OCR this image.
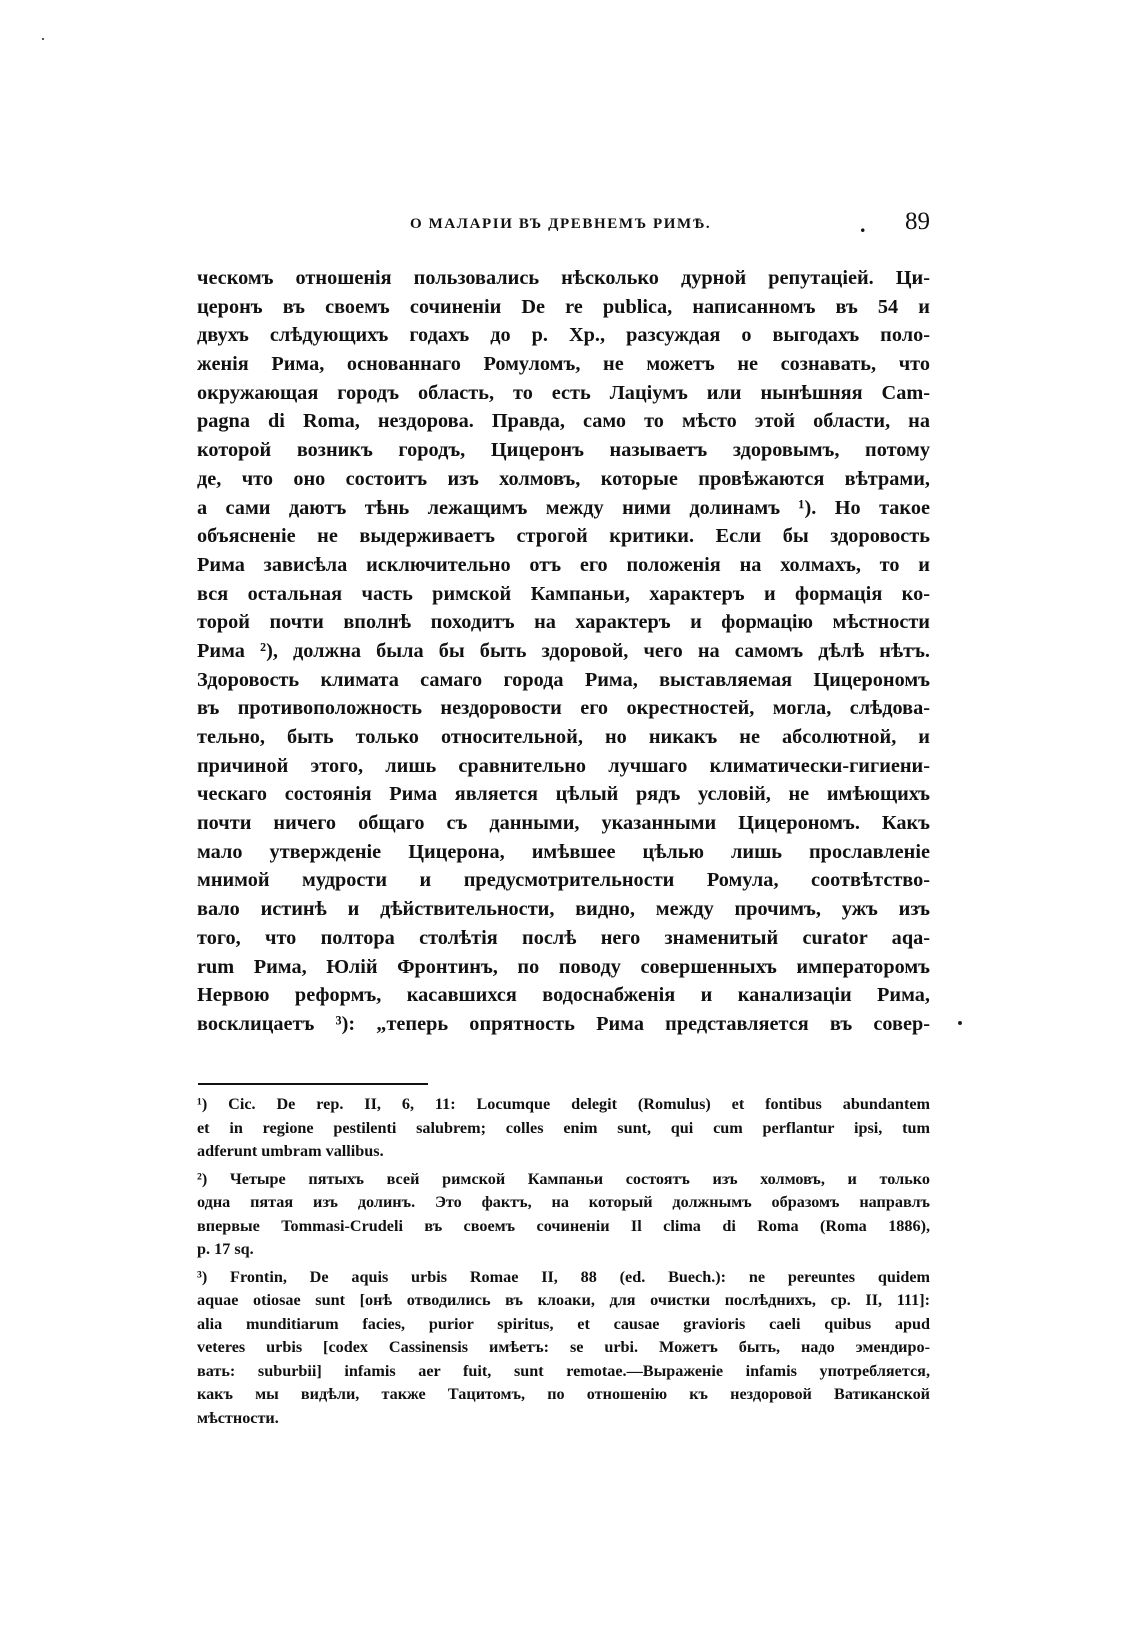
О МАЛАРІИ ВЪ ДРЕВНЕМЪ РИМѢ.	. 89
ческомъ отношенія пользовались нѣсколько дурной репутаціей. Ци-
церонъ въ своемъ сочиненіи De re publica, написанномъ въ 54 и
двухъ слѣдующихъ годахъ до р. Хр., разсуждая о выгодахъ поло-
женія Рима, основаннаго Ромуломъ, не можетъ не сознавать, что
окружающая городъ область, то есть Лаціумъ или нынѣшняя Сam-
pagna di Roma, нездорова. Правда, само то мѣсто этой области, на
которой возникъ городъ, Цицеронъ называетъ здоровымъ, потому
де, что оно состоитъ изъ холмовъ, которые провѣжаются вѣтрами,
а сами даютъ тѣнь лежащимъ между ними долинамъ ¹). Но такое
объясненіе не выдерживаетъ строгой критики. Если бы здоровость
Рима зависѣла исключительно отъ его положенія на холмахъ, то и
вся остальная часть римской Кампаньи, характеръ и формація ко-
торой почти вполнѣ походитъ на характеръ и формацію мѣстности
Рима ²), должна была бы быть здоровой, чего на самомъ дѣлѣ нѣтъ.
Здоровость климата самаго города Рима, выставляемая Цицерономъ
въ противоположность нездоровости его окрестностей, могла, слѣдова-
тельно, быть только относительной, но никакъ не абсолютной, и
причиной этого, лишь сравнительно лучшаго климатически-гигиени-
ческаго состоянія Рима является цѣлый рядъ условій, не имѣющихъ
почти ничего общаго съ данными, указанными Цицерономъ. Какъ
мало утвержденіе Цицерона, имѣвшее цѣлью лишь прославленіе
мнимой мудрости и предусмотрительности Ромула, соотвѣтство-
вало истинѣ и дѣйствительности, видно, между прочимъ, ужъ изъ
того, что полтора столѣтія послѣ него знаменитый curator aqa-
rum Рима, Юлій Фронтинъ, по поводу совершенныхъ императоромъ
Нервою реформъ, касавшихся водоснабженія и канализаціи Рима,
восклицаетъ ³): „теперь опрятность Рима представляется въ совер-
¹) Cic. De rep. II, 6, 11: Locumque delegit (Romulus) et fontibus abundantem
et in regione pestilenti salubrem; colles enim sunt, qui cum perflantur ipsi, tum
adferunt umbram vallibus.
²) Четыре пятыхъ всей римской Кампаньи состоятъ изъ холмовъ, и только
одна пятая изъ долинъ. Это фактъ, на который должнымъ образомъ направлъ
впервые Tommasi-Crudeli въ своемъ сочиненіи Il clima di Roma (Roma 1886),
p. 17 sq.
³) Frontin, De aquis urbis Romae II, 88 (ed. Buech.): ne pereuntes quidem
aquae otiosae sunt [онѣ отводились въ клоаки, для очистки послѣднихъ, ср. II, 111]:
alia munditiarum facies, purior spiritus, et causae gravioris caeli quibus apud
veteres urbis [codex Cassinensis имѣетъ: se urbi. Можетъ быть, надо эмендиро-
вать: suburbii] infamis aer fuit, sunt remotae.—Выраженіе infamis употребляется,
какъ мы видѣли, также Тацитомъ, по отношенію къ нездоровой Ватиканской
мѣстности.
